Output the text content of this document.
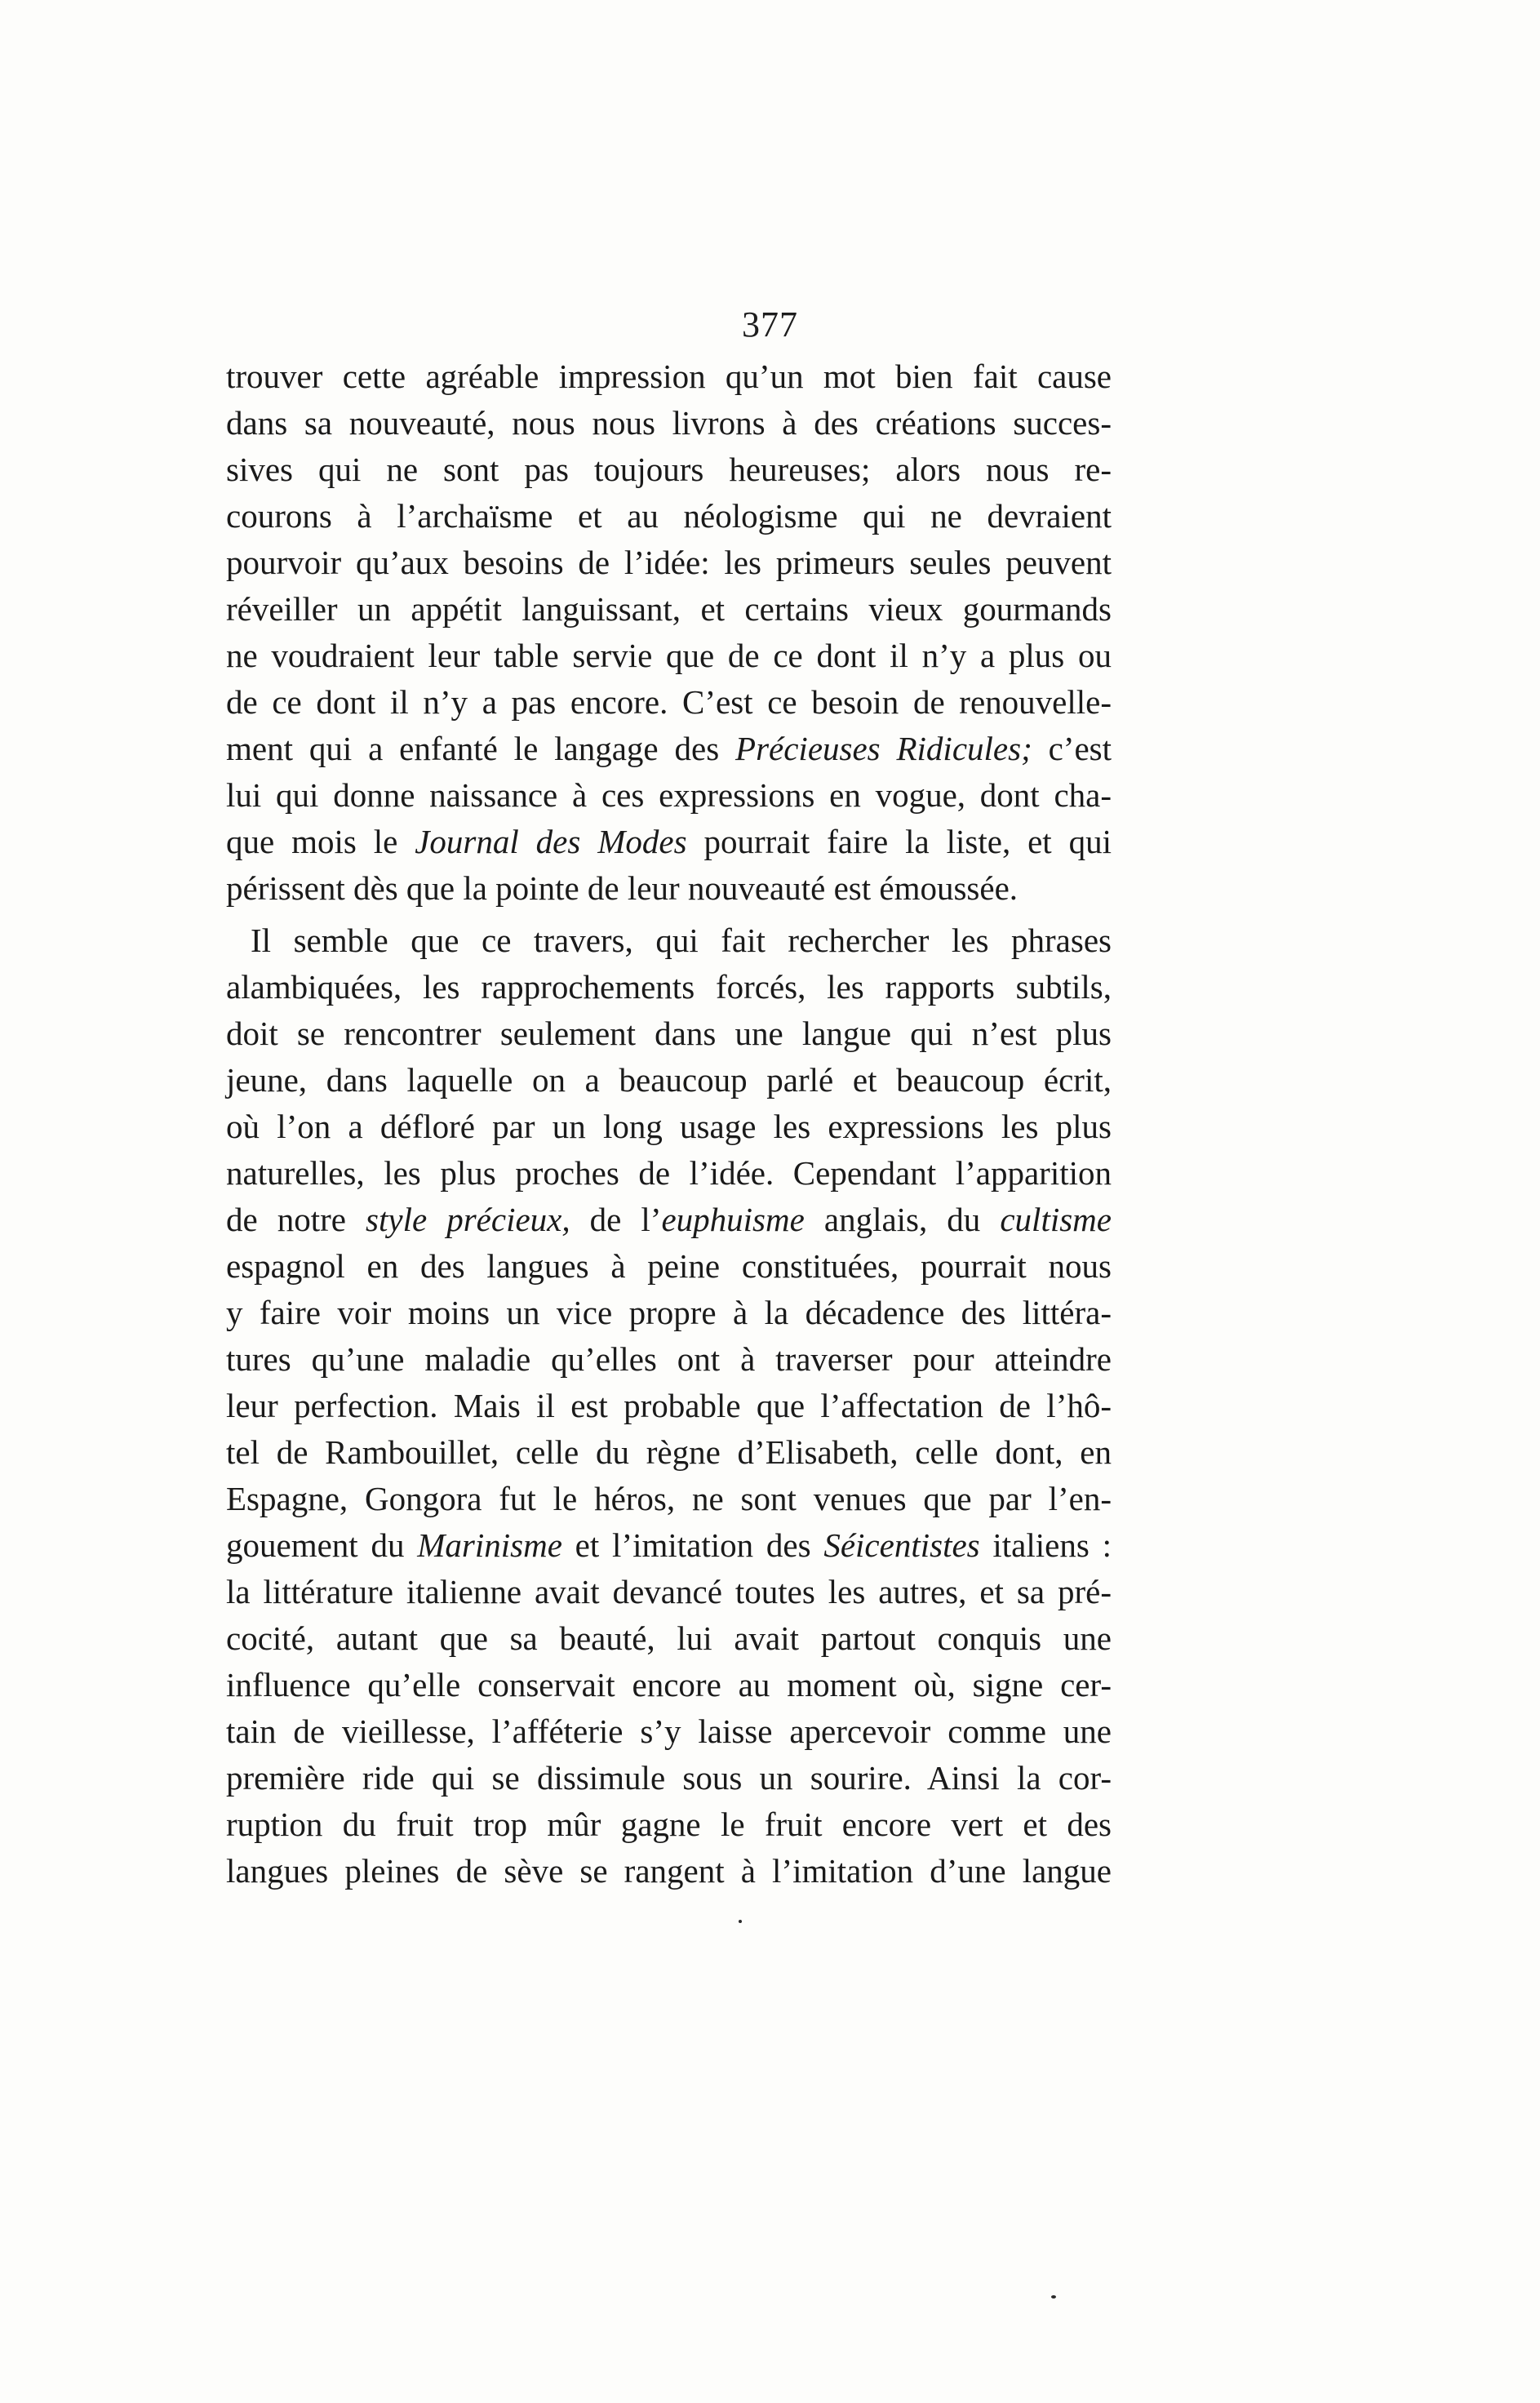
377
trouver cette agréable impression qu’un mot bien fait cause
dans sa nouveauté, nous nous livrons à des créations succes-
sives qui ne sont pas toujours heureuses; alors nous re-
courons à l’archaïsme et au néologisme qui ne devraient
pourvoir qu’aux besoins de l’idée: les primeurs seules peuvent
réveiller un appétit languissant, et certains vieux gourmands
ne voudraient leur table servie que de ce dont il n’y a plus ou
de ce dont il n’y a pas encore. C’est ce besoin de renouvelle-
ment qui a enfanté le langage des Précieuses Ridicules; c’est
lui qui donne naissance à ces expressions en vogue, dont cha-
que mois le Journal des Modes pourrait faire la liste, et qui
périssent dès que la pointe de leur nouveauté est émoussée.
Il semble que ce travers, qui fait rechercher les phrases
alambiquées, les rapprochements forcés, les rapports subtils,
doit se rencontrer seulement dans une langue qui n’est plus
jeune, dans laquelle on a beaucoup parlé et beaucoup écrit,
où l’on a défloré par un long usage les expressions les plus
naturelles, les plus proches de l’idée. Cependant l’apparition
de notre style précieux, de l’euphuisme anglais, du cultisme
espagnol en des langues à peine constituées, pourrait nous
y faire voir moins un vice propre à la décadence des littéra-
tures qu’une maladie qu’elles ont à traverser pour atteindre
leur perfection. Mais il est probable que l’affectation de l’hô-
tel de Rambouillet, celle du règne d’Elisabeth, celle dont, en
Espagne, Gongora fut le héros, ne sont venues que par l’en-
gouement du Marinisme et l’imitation des Séicentistes italiens :
la littérature italienne avait devancé toutes les autres, et sa pré-
cocité, autant que sa beauté, lui avait partout conquis une
influence qu’elle conservait encore au moment où, signe cer-
tain de vieillesse, l’afféterie s’y laisse apercevoir comme une
première ride qui se dissimule sous un sourire. Ainsi la cor-
ruption du fruit trop mûr gagne le fruit encore vert et des
langues pleines de sève se rangent à l’imitation d’une langue
